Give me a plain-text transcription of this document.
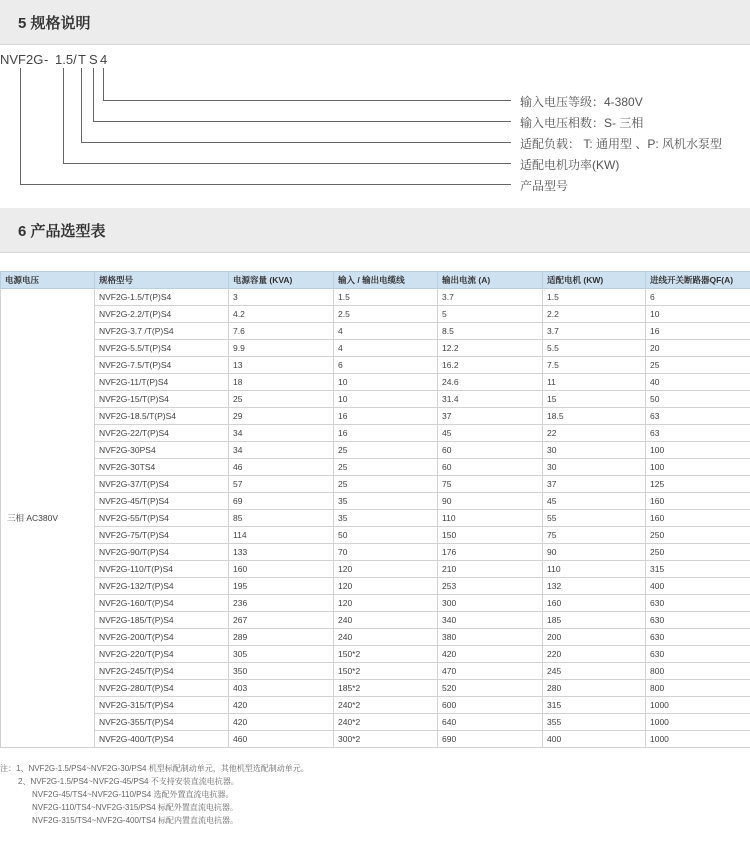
5 规格说明

NVF2G

-

1.5/

T

S

4

输入电压等级：4-380V
输入电压相数：S- 三相
适配负载： T: 通用型 、P: 风机水泵型
适配电机功率(KW)
产品型号
6 产品选型表
电源电压	规格型号	电源容量 (KVA)	输入 / 输出电缆线	输出电流 (A)	适配电机 (KW)	进线开关断路器QF(A)
三相 AC380V	NVF2G-1.5/T(P)S4	3	1.5	3.7	1.5	6
	NVF2G-2.2/T(P)S4	4.2	2.5	5	2.2	10
	NVF2G-3.7 /T(P)S4	7.6	4	8.5	3.7	16
	NVF2G-5.5/T(P)S4	9.9	4	12.2	5.5	20
	NVF2G-7.5/T(P)S4	13	6	16.2	7.5	25
	NVF2G-11/T(P)S4	18	10	24.6	11	40
	NVF2G-15/T(P)S4	25	10	31.4	15	50
	NVF2G-18.5/T(P)S4	29	16	37	18.5	63
	NVF2G-22/T(P)S4	34	16	45	22	63
	NVF2G-30PS4	34	25	60	30	100
	NVF2G-30TS4	46	25	60	30	100
	NVF2G-37/T(P)S4	57	25	75	37	125
	NVF2G-45/T(P)S4	69	35	90	45	160
	NVF2G-55/T(P)S4	85	35	110	55	160
	NVF2G-75/T(P)S4	114	50	150	75	250
	NVF2G-90/T(P)S4	133	70	176	90	250
	NVF2G-110/T(P)S4	160	120	210	110	315
	NVF2G-132/T(P)S4	195	120	253	132	400
	NVF2G-160/T(P)S4	236	120	300	160	630
	NVF2G-185/T(P)S4	267	240	340	185	630
	NVF2G-200/T(P)S4	289	240	380	200	630
	NVF2G-220/T(P)S4	305	150*2	420	220	630
	NVF2G-245/T(P)S4	350	150*2	470	245	800
	NVF2G-280/T(P)S4	403	185*2	520	280	800
	NVF2G-315/T(P)S4	420	240*2	600	315	1000
	NVF2G-355/T(P)S4	420	240*2	640	355	1000
	NVF2G-400/T(P)S4	460	300*2	690	400	1000
注：1、NVF2G-1.5/PS4~NVF2G-30/PS4 机型标配制动单元，其他机型选配制动单元。
2、NVF2G-1.5/PS4~NVF2G-45/PS4 不支持安装直流电抗器。
NVF2G-45/TS4~NVF2G-110/PS4 选配外置直流电抗器。
NVF2G-110/TS4~NVF2G-315/PS4 标配外置直流电抗器。
NVF2G-315/TS4~NVF2G-400/TS4 标配内置直流电抗器。
